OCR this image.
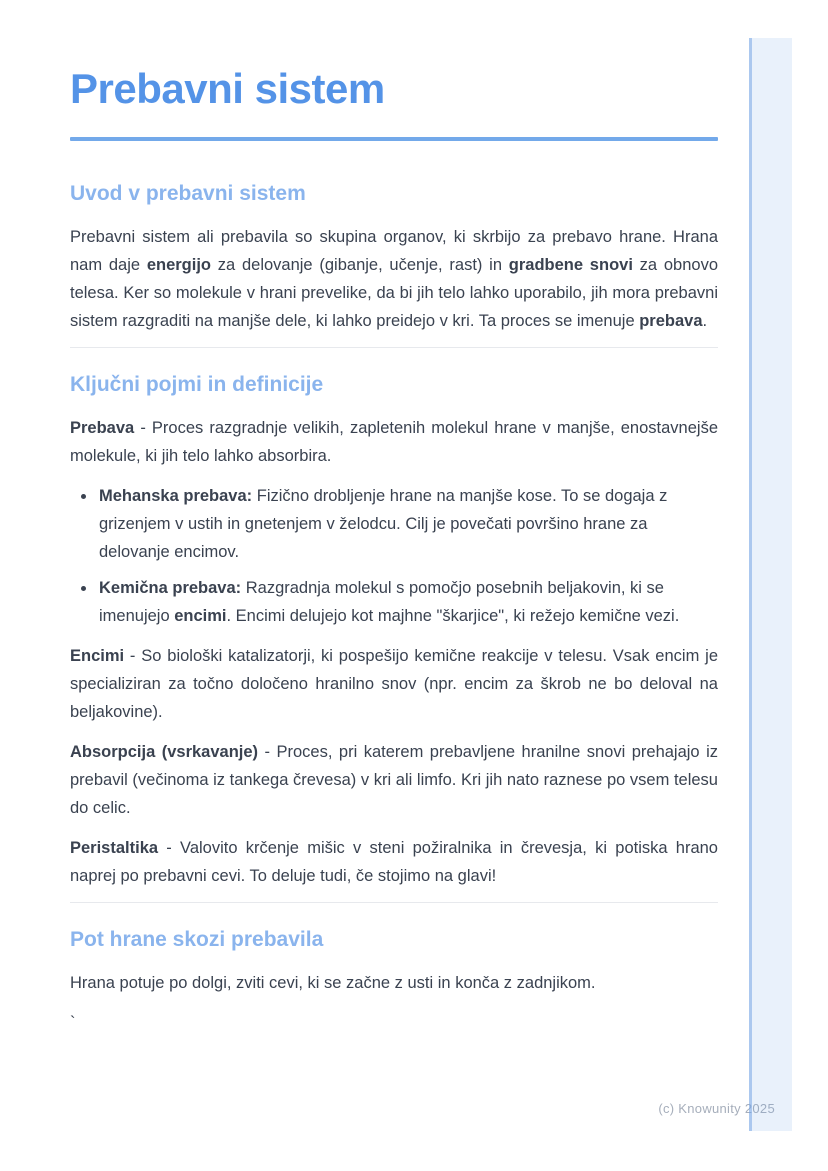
Prebavni sistem
Uvod v prebavni sistem

Prebavni sistem ali prebavila so skupina organov, ki skrbijo za prebavo hrane. Hrana nam daje energijo za delovanje (gibanje, učenje, rast) in gradbene snovi za obnovo telesa. Ker so molekule v hrani prevelike, da bi jih telo lahko uporabilo, jih mora prebavni sistem razgraditi na manjše dele, ki lahko preidejo v kri. Ta proces se imenuje prebava.

Ključni pojmi in definicije

Prebava - Proces razgradnje velikih, zapletenih molekul hrane v manjše, enostavnejše molekule, ki jih telo lahko absorbira.

• Mehanska prebava: Fizično drobljenje hrane na manjše kose. To se dogaja z grizenjem v ustih in gnetenjem v želodcu. Cilj je povečati površino hrane za delovanje encimov.
• Kemična prebava: Razgradnja molekul s pomočjo posebnih beljakovin, ki se imenujejo encimi. Encimi delujejo kot majhne "škarjice", ki režejo kemične vezi.

Encimi - So biološki katalizatorji, ki pospešijo kemične reakcije v telesu. Vsak encim je specializiran za točno določeno hranilno snov (npr. encim za škrob ne bo deloval na beljakovine).

Absorpcija (vsrkavanje) - Proces, pri katerem prebavljene hranilne snovi prehajajo iz prebavil (večinoma iz tankega črevesa) v kri ali limfo. Kri jih nato raznese po vsem telesu do celic.

Peristaltika - Valovito krčenje mišic v steni požiralnika in črevesja, ki potiska hrano naprej po prebavni cevi. To deluje tudi, če stojimo na glavi!

Pot hrane skozi prebavila

Hrana potuje po dolgi, zviti cevi, ki se začne z usti in konča z zadnjikom.

`

(c) Knowunity 2025
